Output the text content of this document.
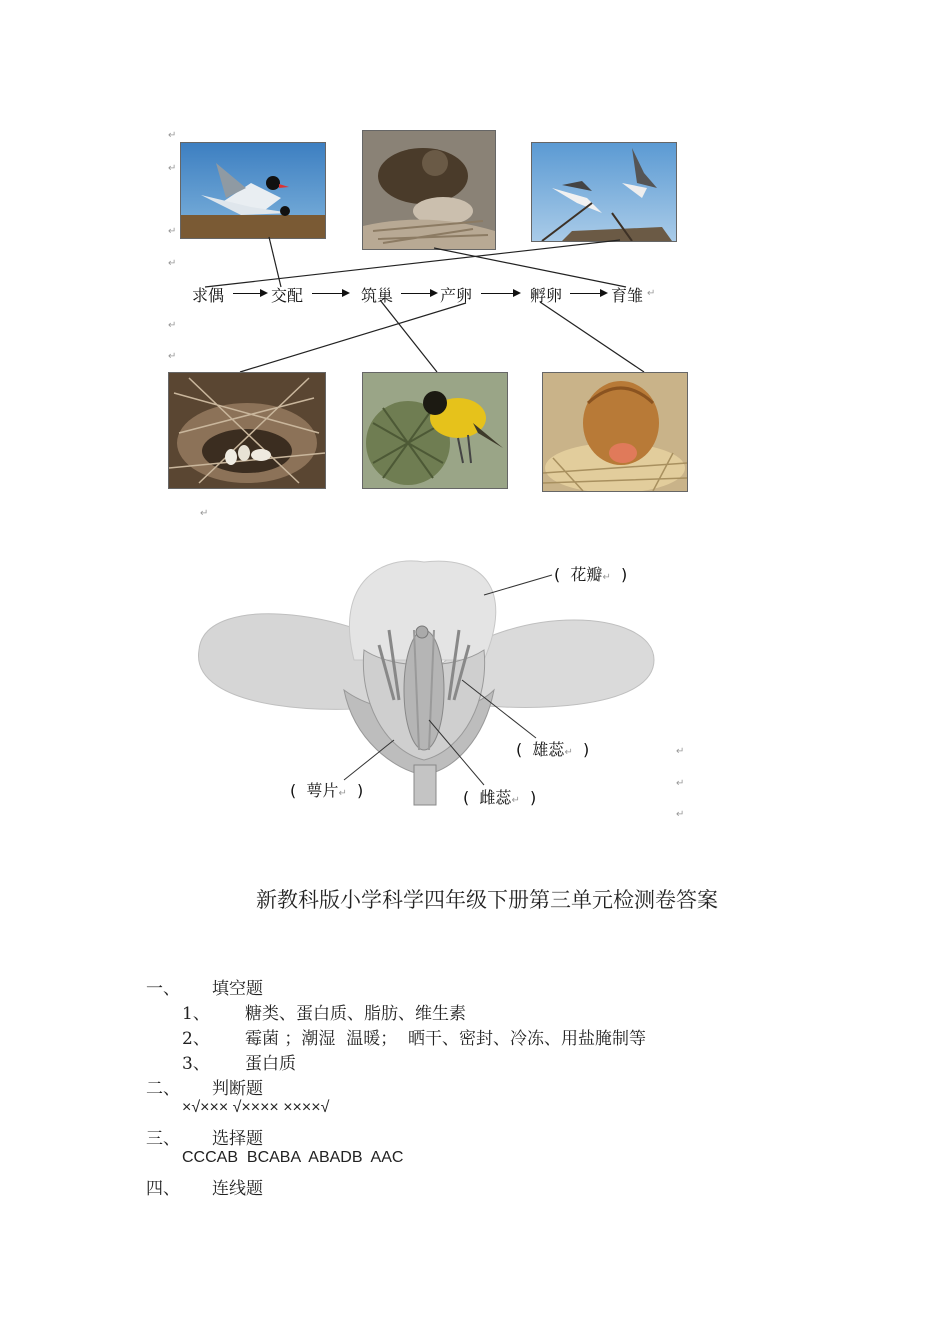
↵
↵
↵
↵
↵
↵
↵
↵
↵
↵
求偶	交配	筑巢	产卵	孵卵	育雏 ↵
( 花瓣↵ )
( 雄蕊↵ )
( 萼片↵ )	( 雌蕊↵ )
新教科版小学科学四年级下册第三单元检测卷答案
一、 填空题
1、 糖类、蛋白质、脂肪、维生素
2、 霉菌 ；潮湿  温暖；  晒干、密封、冷冻、用盐腌制等
3、 蛋白质
二、 判断题
×√××× √×××× ××××√
三、 选择题
CCCAB  BCABA  ABADB  AAC
四、 连线题
